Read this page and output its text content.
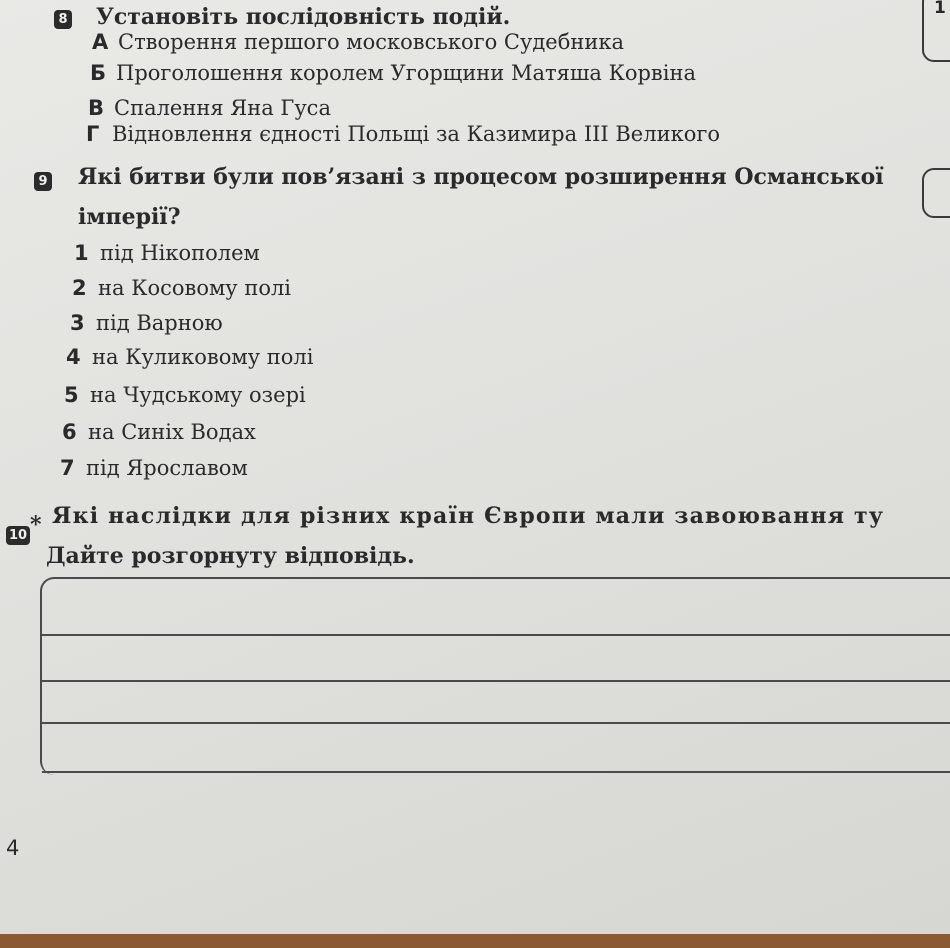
8 Установіть послідовність подій.
А Створення першого московського Судебника
Б Проголошення королем Угорщини Матяша Корвіна
В Спалення Яна Гуса
Г Відновлення єдності Польщі за Казимира ІІІ Великого
9 Які битви були пов’язані з процесом розширення Османської
імперії?
1 під Нікополем
2 на Косовому полі
3 під Варною
4 на Куликовому полі
5 на Чудському озері
6 на Синіх Водах
7 під Ярославом
10 * Які наслідки для різних країн Європи мали завоювання ту
Дайте розгорнуту відповідь.
1
4
